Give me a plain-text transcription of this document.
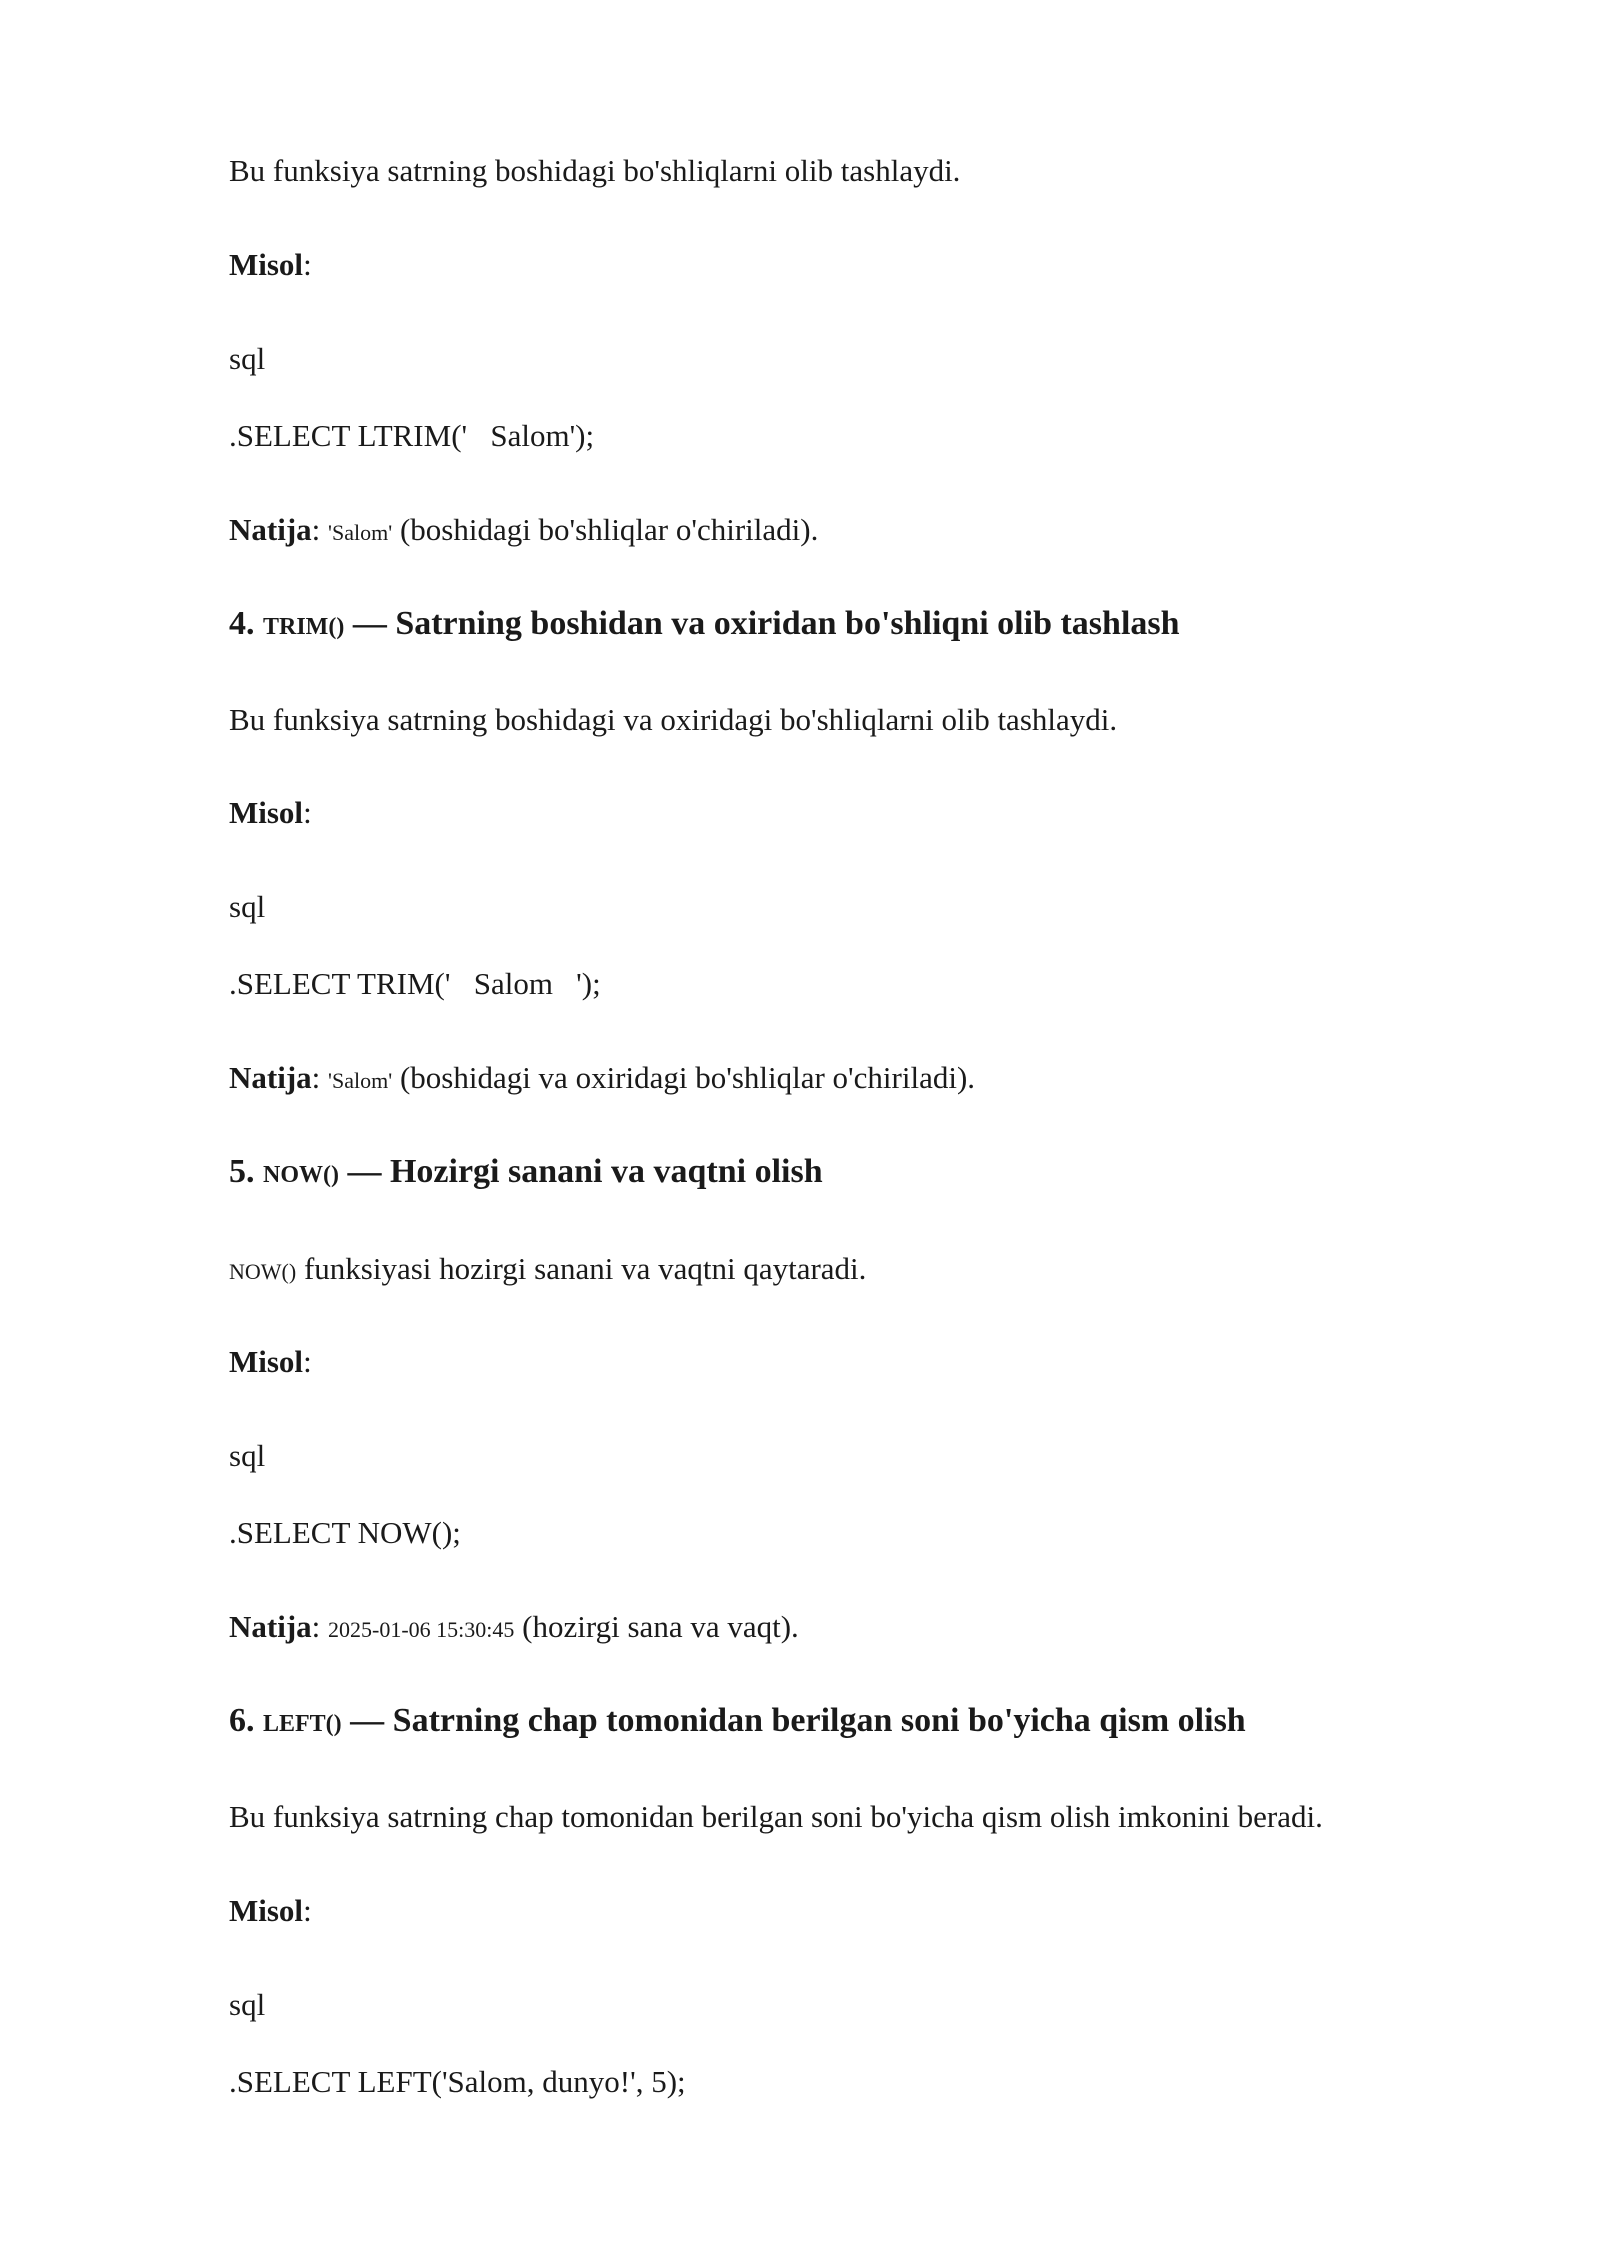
Bu funksiya satrning boshidagi bo'shliqlarni olib tashlaydi.
Misol:
sql
.SELECT LTRIM('   Salom');
Natija: 'Salom' (boshidagi bo'shliqlar o'chiriladi).
4. TRIM() — Satrning boshidan va oxiridan bo'shliqni olib tashlash
Bu funksiya satrning boshidagi va oxiridagi bo'shliqlarni olib tashlaydi.
Misol:
sql
.SELECT TRIM('   Salom   ');
Natija: 'Salom' (boshidagi va oxiridagi bo'shliqlar o'chiriladi).
5. NOW() — Hozirgi sanani va vaqtni olish
NOW() funksiyasi hozirgi sanani va vaqtni qaytaradi.
Misol:
sql
.SELECT NOW();
Natija: 2025-01-06 15:30:45 (hozirgi sana va vaqt).
6. LEFT() — Satrning chap tomonidan berilgan soni bo'yicha qism olish
Bu funksiya satrning chap tomonidan berilgan soni bo'yicha qism olish imkonini beradi.
Misol:
sql
.SELECT LEFT('Salom, dunyo!', 5);
